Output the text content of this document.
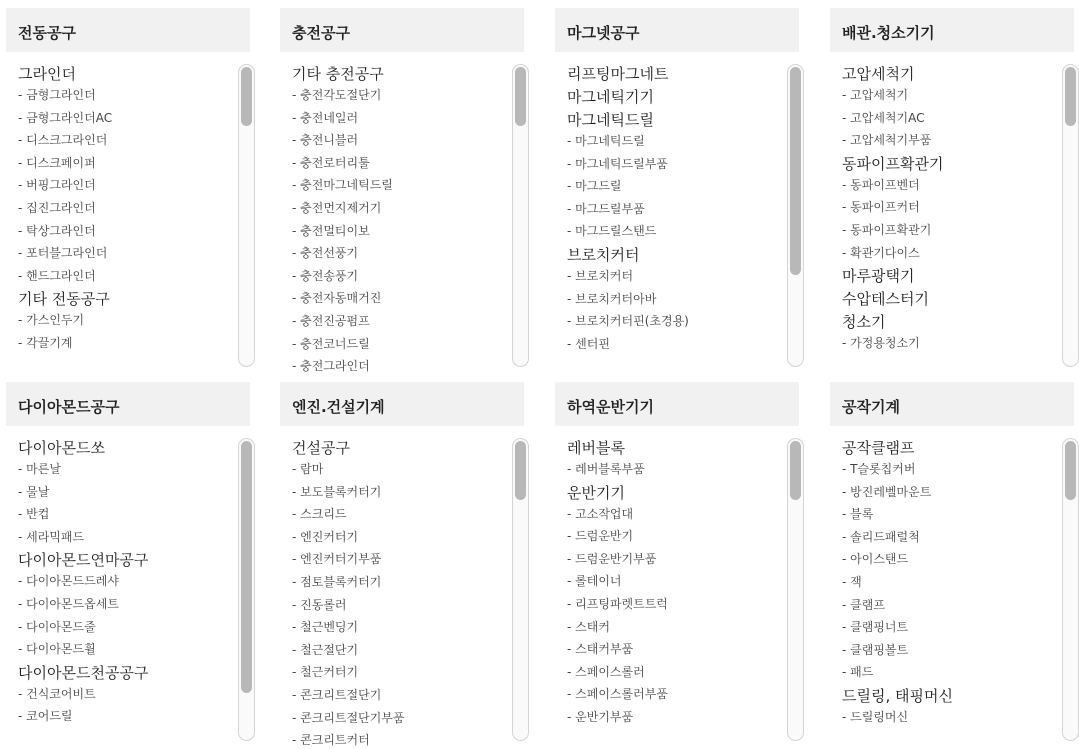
전동공구
그라인더
- 금형그라인더
- 금형그라인더AC
- 디스크그라인더
- 디스크페이퍼
- 버핑그라인더
- 집진그라인더
- 탁상그라인더
- 포터블그라인더
- 핸드그라인더
기타 전동공구
- 가스인두기
- 각끌기계
충전공구
기타 충전공구
- 충전각도절단기
- 충전네일러
- 충전니블러
- 충전로터리툴
- 충전마그네틱드릴
- 충전먼지제거기
- 충전멀티이보
- 충전선풍기
- 충전송풍기
- 충전자동매거진
- 충전진공펌프
- 충전코너드릴
- 충전그라인더
마그넷공구
리프팅마그네트
마그네틱기기
마그네틱드릴
- 마그네틱드릴
- 마그네틱드릴부품
- 마그드릴
- 마그드릴부품
- 마그드릴스탠드
브로치커터
- 브로치커터
- 브로치커터아바
- 브로치커터핀(초경용)
- 센터핀
배관.청소기기
고압세척기
- 고압세척기
- 고압세척기AC
- 고압세척기부품
동파이프확관기
- 동파이프벤더
- 동파이프커터
- 동파이프확관기
- 확관기다이스
마루광택기
수압테스터기
청소기
- 가정용청소기
다이아몬드공구
다이아몬드쏘
- 마른날
- 물날
- 반컵
- 세라믹패드
다이아몬드연마공구
- 다이아몬드드레샤
- 다이아몬드옵세트
- 다이아몬드줄
- 다이아몬드휠
다이아몬드천공공구
- 건식코어비트
- 코어드릴
엔진.건설기계
건설공구
- 람마
- 보도블록커터기
- 스크리드
- 엔진커터기
- 엔진커터기부품
- 점토블록커터기
- 진동롤러
- 철근벤딩기
- 철근절단기
- 철근커터기
- 콘크리트절단기
- 콘크리트절단기부품
- 콘크리트커터
하역운반기기
레버블록
- 레버블록부품
운반기기
- 고소작업대
- 드럼운반기
- 드럼운반기부품
- 롤테이너
- 리프팅파렛트트럭
- 스태커
- 스태커부품
- 스페이스롤러
- 스페이스롤러부품
- 운반기부품
공작기계
공작클램프
- T슬롯칩커버
- 방진레벨마운트
- 블록
- 솔리드패럴척
- 아이스탠드
- 잭
- 클램프
- 클램핑너트
- 클램핑볼트
- 패드
드릴링, 태핑머신
- 드릴링머신
